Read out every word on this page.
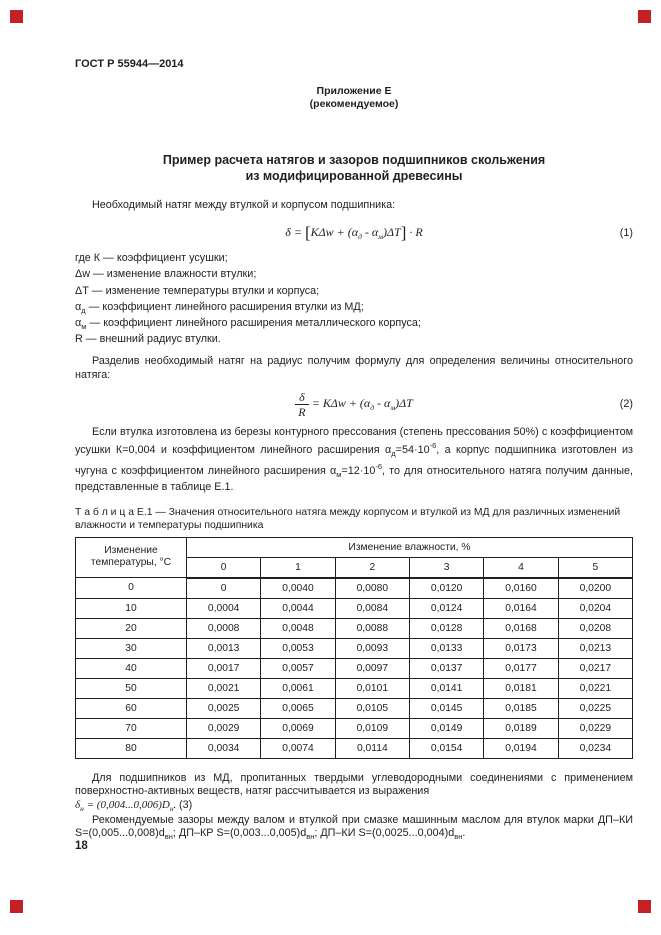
ГОСТ Р 55944—2014
Приложение Е
(рекомендуемое)
Пример расчета натягов и зазоров подшипников скольжения
из модифицированной древесины

Необходимый натяг между втулкой и корпусом подшипника:

$\delta = [К\Delta w + (\alpha_д - \alpha_м)\Delta Т] \cdot R$	(1)
где К — коэффициент усушки;
Δw — изменение влажности втулки;
ΔТ — изменение температуры втулки и корпуса;
$\alpha_д$ — коэффициент линейного расширения втулки из МД;
$\alpha_м$ — коэффициент линейного расширения металлического корпуса;
R — внешний радиус втулки.

Разделив необходимый натяг на радиус получим формулу для определения величины относительного натяга:

$\frac{\delta}{R} = К\Delta w + (\alpha_д - \alpha_м)\Delta Т$	(2)

Если втулка изготовлена из березы контурного прессования (степень прессования 50%) с коэффициентом усушки К=0,004 и коэффициентом линейного расширения $\alpha_д=54\cdot 10^{-6}$, а корпус подшипника изготовлен из чугуна с коэффициентом линейного расширения $\alpha_м=12\cdot 10^{-6}$, то для относительного натяга получим данные, представленные в таблице Е.1.

Т а б л и ц а Е.1 — Значения относительного натяга между корпусом и втулкой из МД для различных изменений влажности и температуры подшипника
Изменение температуры, °С	Изменение влажности, %					
	0	1	2	3	4	5
0	0	0,0040	0,0080	0,0120	0,0160	0,0200
10	0,0004	0,0044	0,0084	0,0124	0,0164	0,0204
20	0,0008	0,0048	0,0088	0,0128	0,0168	0,0208
30	0,0013	0,0053	0,0093	0,0133	0,0173	0,0213
40	0,0017	0,0057	0,0097	0,0137	0,0177	0,0217
50	0,0021	0,0061	0,0101	0,0141	0,0181	0,0221
60	0,0025	0,0065	0,0105	0,0145	0,0185	0,0225
70	0,0029	0,0069	0,0109	0,0149	0,0189	0,0229
80	0,0034	0,0074	0,0114	0,0154	0,0194	0,0234

Для подшипников из МД, пропитанных твердыми углеводородными соединениями с применением поверхностно-активных веществ, натяг рассчитывается из выражения

$\delta_н = (0,004...0,006)D_н$. (3)

Рекомендуемые зазоры между валом и втулкой при смазке машинным маслом для втулок марки ДП–КИ $S=(0,005...0,008)d_{вн}$; ДП–КР $S=(0,003...0,005)d_{вн}$; ДП–КИ $S=(0,0025...0,004)d_{вн}$.

18
